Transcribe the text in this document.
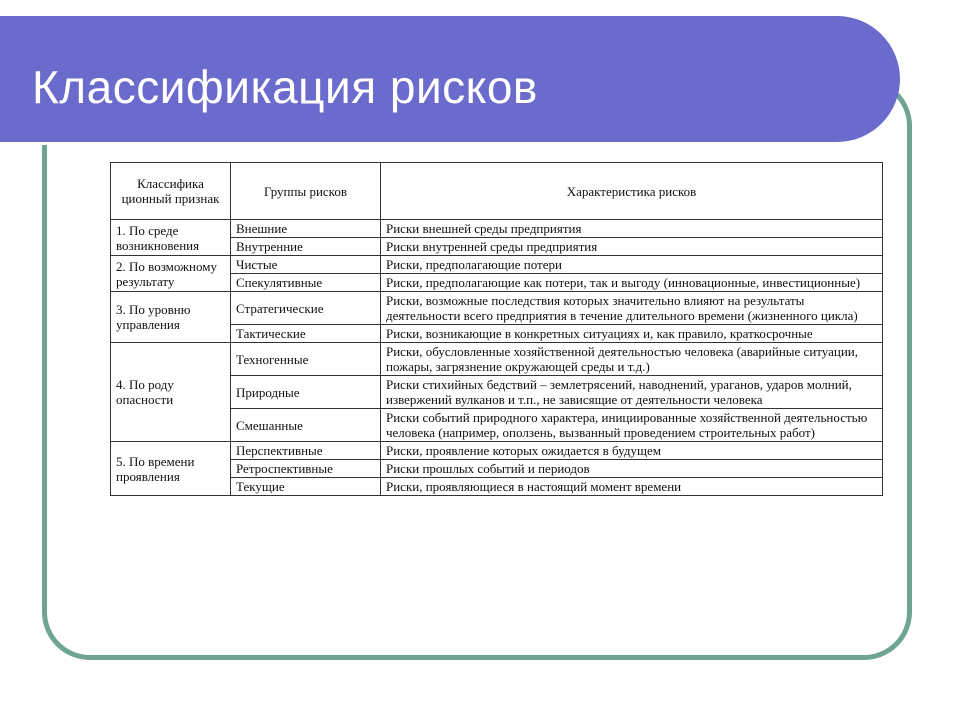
Классификация рисков
Классифика ционный признак	Группы рисков	Характеристика рисков
1. По среде возникновения	Внешние	Риски внешней среды предприятия
	Внутренние	Риски внутренней среды предприятия
2. По возможному результату	Чистые	Риски, предполагающие потери
	Спекулятивные	Риски, предполагающие как потери, так и выгоду (инновационные, инвестиционные)
3. По уровню управления	Стратегические	Риски, возможные последствия которых значительно влияют на результаты деятельности всего предприятия в течение длительного времени (жизненного цикла)
	Тактические	Риски, возникающие в конкретных ситуациях и, как правило, краткосрочные
4. По роду опасности	Техногенные	Риски, обусловленные хозяйственной деятельностью человека (аварийные ситуации, пожары, загрязнение окружающей среды и т.д.)
	Природные	Риски стихийных бедствий – землетрясений, наводнений, ураганов, ударов молний, извержений вулканов и т.п., не зависящие от деятельности человека
	Смешанные	Риски событий природного характера, инициированные хозяйственной деятельностью человека (например, оползень, вызванный проведением строительных работ)
5. По времени проявления	Перспективные	Риски, проявление которых ожидается в будущем
	Ретроспективные	Риски прошлых событий и периодов
	Текущие	Риски, проявляющиеся в настоящий момент времени
